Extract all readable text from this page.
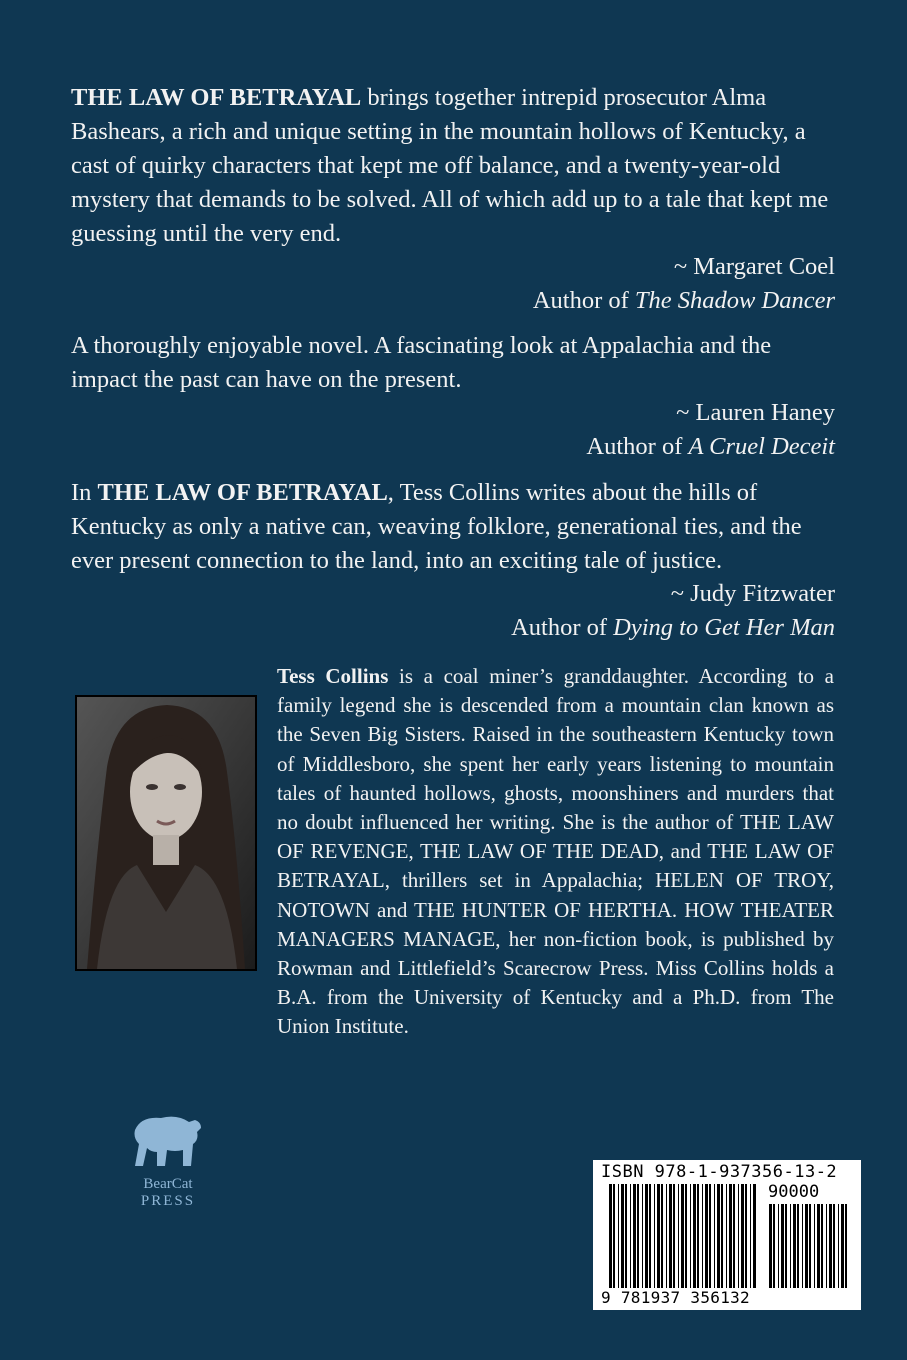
THE LAW OF BETRAYAL brings together intrepid prosecutor Alma Bashears, a rich and unique setting in the mountain hollows of Kentucky, a cast of quirky characters that kept me off balance, and a twenty-year-old mystery that demands to be solved. All of which add up to a tale that kept me guessing until the very end.
~ Margaret Coel
Author of The Shadow Dancer
A thoroughly enjoyable novel. A fascinating look at Appalachia and the impact the past can have on the present.
~ Lauren Haney
Author of A Cruel Deceit
In THE LAW OF BETRAYAL, Tess Collins writes about the hills of Kentucky as only a native can, weaving folklore, generational ties, and the ever present connection to the land, into an exciting tale of justice.
~ Judy Fitzwater
Author of Dying to Get Her Man
Tess Collins is a coal miner’s granddaughter. According to a family legend she is descended from a mountain clan known as the Seven Big Sisters. Raised in the southeastern Kentucky town of Middlesboro, she spent her early years listening to mountain tales of haunted hollows, ghosts, moonshiners and murders that no doubt influenced her writing. She is the author of THE LAW OF REVENGE, THE LAW OF THE DEAD, and THE LAW OF BETRAYAL, thrillers set in Appalachia; HELEN OF TROY, NOTOWN and THE HUNTER OF HERTHA. HOW THEATER MANAGERS MANAGE, her non-fiction book, is published by Rowman and Littlefield’s Scarecrow Press. Miss Collins holds a B.A. from the University of Kentucky and a Ph.D. from The Union Institute.
BearCat
PRESS
ISBN 978-1-937356-13-2
90000
9 781937 356132
